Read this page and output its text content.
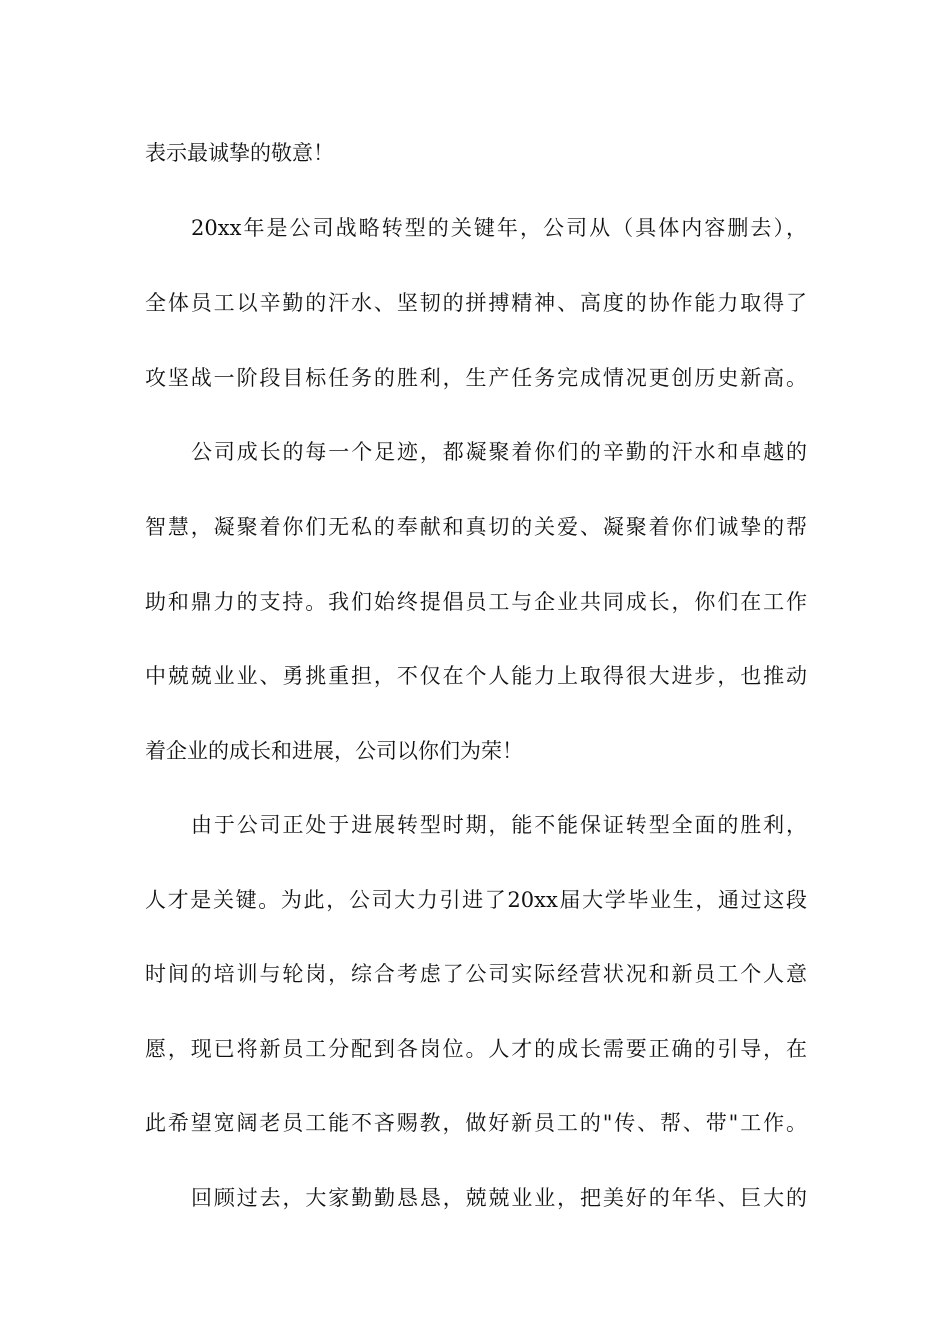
表示最诚挚的敬意！
20xx年是公司战略转型的关键年，公司从（具体内容删去），
全体员工以辛勤的汗水、坚韧的拼搏精神、高度的协作能力取得了
攻坚战一阶段目标任务的胜利，生产任务完成情况更创历史新高。
公司成长的每一个足迹，都凝聚着你们的辛勤的汗水和卓越的
智慧，凝聚着你们无私的奉献和真切的关爱、凝聚着你们诚挚的帮
助和鼎力的支持。我们始终提倡员工与企业共同成长，你们在工作
中兢兢业业、勇挑重担，不仅在个人能力上取得很大进步，也推动
着企业的成长和进展，公司以你们为荣！
由于公司正处于进展转型时期，能不能保证转型全面的胜利，
人才是关键。为此，公司大力引进了20xx届大学毕业生，通过这段
时间的培训与轮岗，综合考虑了公司实际经营状况和新员工个人意
愿，现已将新员工分配到各岗位。人才的成长需要正确的引导，在
此希望宽阔老员工能不吝赐教，做好新员工的"传、帮、带"工作。
回顾过去，大家勤勤恳恳，兢兢业业，把美好的年华、巨大的
